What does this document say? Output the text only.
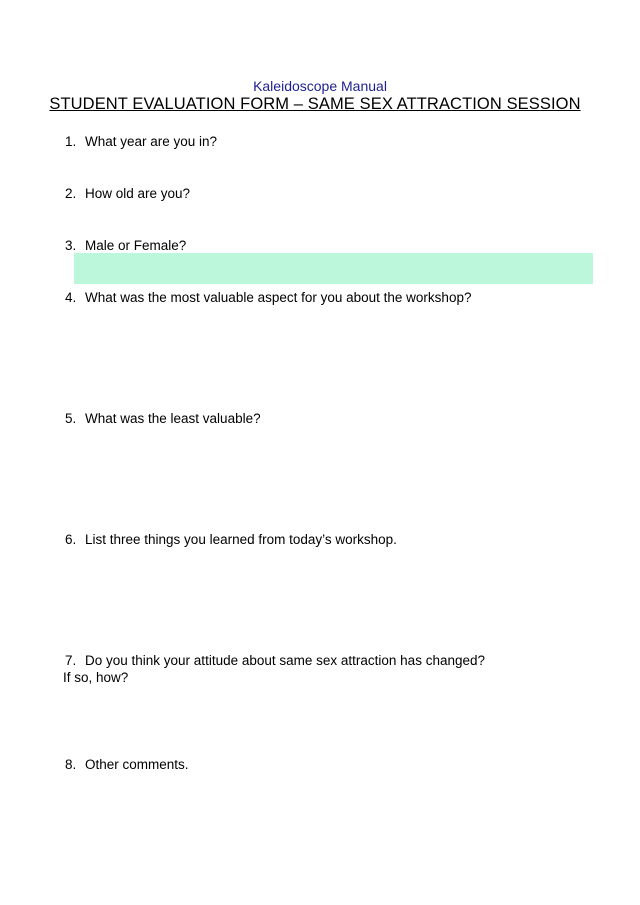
Kaleidoscope Manual
STUDENT EVALUATION FORM – SAME SEX ATTRACTION SESSION
1. What year are you in?
2. How old are you?
3. Male or Female?
4. What was the most valuable aspect for you about the workshop?
5. What was the least valuable?
6. List three things you learned from today’s workshop.
7. Do you think your attitude about same sex attraction has changed?
If so, how?
8. Other comments.
